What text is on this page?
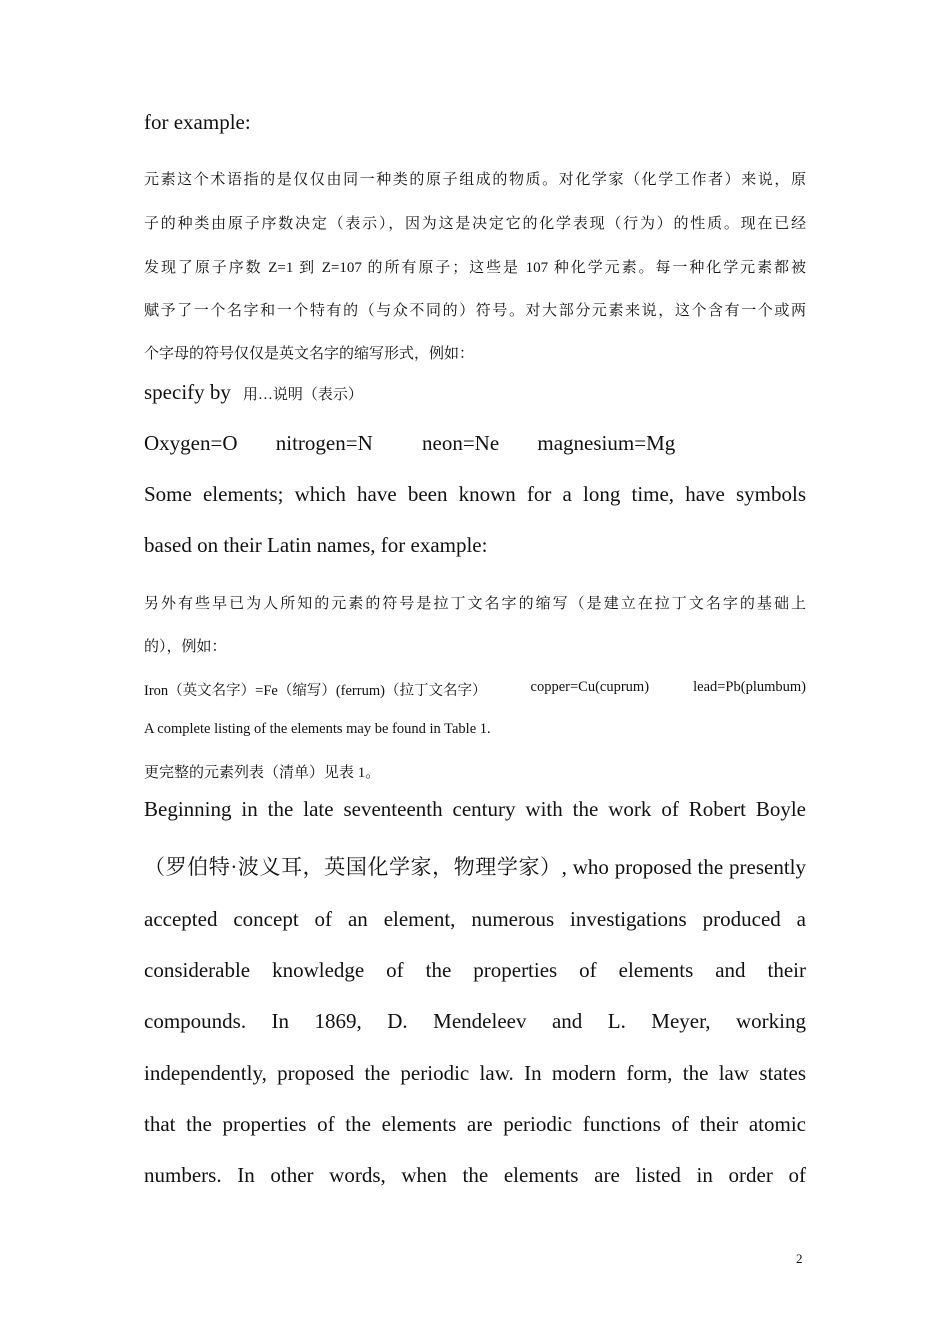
for example:
元素这个术语指的是仅仅由同一种类的原子组成的物质。对化学家（化学工作者）来说，原
子的种类由原子序数决定（表示），因为这是决定它的化学表现（行为）的性质。现在已经
发现了原子序数 Z=1 到 Z=107 的所有原子；这些是 107 种化学元素。每一种化学元素都被
赋予了一个名字和一个特有的（与众不同的）符号。对大部分元素来说，这个含有一个或两
个字母的符号仅仅是英文名字的缩写形式，例如：
specify by 用…说明（表示）
Oxygen=O nitrogen=N neon=Ne magnesium=Mg
Some elements; which have been known for a long time, have symbols
based on their Latin names, for example:
另外有些早已为人所知的元素的符号是拉丁文名字的缩写（是建立在拉丁文名字的基础上
的），例如：
Iron（英文名字）=Fe（缩写）(ferrum)（拉丁文名字）	copper=Cu(cuprum)	lead=Pb(plumbum)
A complete listing of the elements may be found in Table 1.
更完整的元素列表（清单）见表 1。
Beginning in the late seventeenth century with the work of Robert Boyle
（罗伯特·波义耳，英国化学家，物理学家）, who proposed the presently
accepted concept of an element, numerous investigations produced a
considerable knowledge of the properties of elements and their
compounds. In 1869, D. Mendeleev and L. Meyer, working
independently, proposed the periodic law. In modern form, the law states
that the properties of the elements are periodic functions of their atomic
numbers. In other words, when the elements are listed in order of
2
